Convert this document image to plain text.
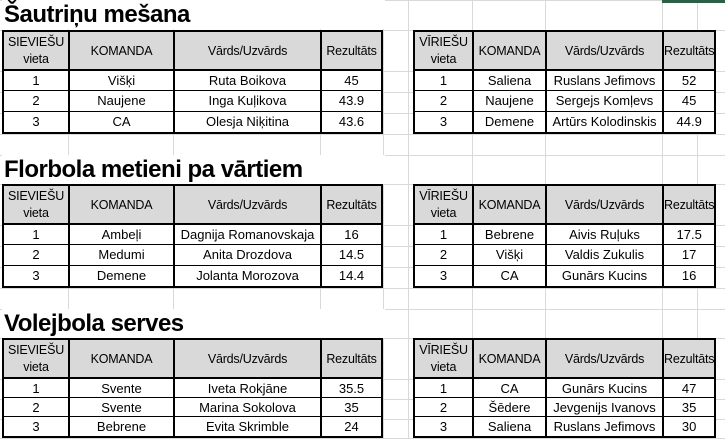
Šautriņu mešana
SIEVIEŠU
vieta
KOMANDA	Vārds/Uzvārds	Rezultāts
1	Višķi	Ruta Boikova	45
2	Naujene	Inga Kuļikova	43.9
3	CA	Olesja Niķitina	43.6
VĪRIEŠU
vieta
KOMANDA	Vārds/Uzvārds	Rezultāts
1	Saliena	Ruslans Jefimovs	52
2	Naujene	Sergejs Komļevs	45
3	Demene	Artūrs Kolodinskis	44.9
Florbola metieni pa vārtiem
SIEVIEŠU
vieta
KOMANDA	Vārds/Uzvārds	Rezultāts
1	Ambeļi	Dagnija Romanovskaja	16
2	Medumi	Anita Drozdova	14.5
3	Demene	Jolanta Morozova	14.4
VĪRIEŠU
vieta
KOMANDA	Vārds/Uzvārds	Rezultāts
1	Bebrene	Aivis Ruļuks	17.5
2	Višķi	Valdis Zukulis	17
3	CA	Gunārs Kucins	16
Volejbola serves
SIEVIEŠU
vieta
KOMANDA	Vārds/Uzvārds	Rezultāts
1	Svente	Iveta Rokjāne	35.5
2	Svente	Marina Sokolova	35
3	Bebrene	Evita Skrimble	24
VĪRIEŠU
vieta
KOMANDA	Vārds/Uzvārds	Rezultāts
1	CA	Gunārs Kucins	47
2	Šēdere	Jevgenijs Ivanovs	35
3	Saliena	Ruslans Jefimovs	30
